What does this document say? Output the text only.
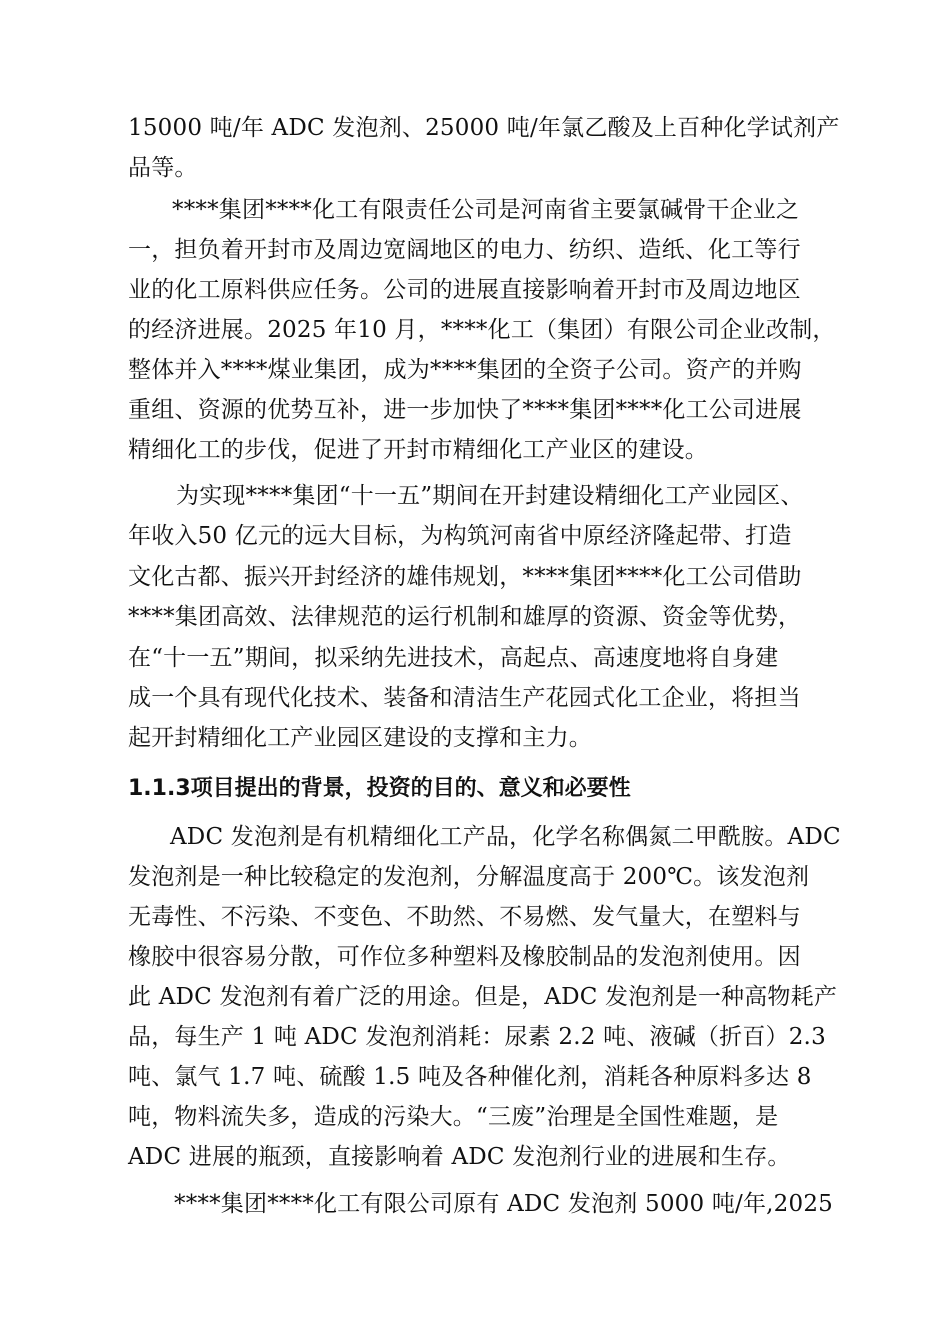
15000 吨/年 ADC 发泡剂、25000 吨/年氯乙酸及上百种化学试剂产
品等。
****集团****化工有限责任公司是河南省主要氯碱骨干企业之
一，担负着开封市及周边宽阔地区的电力、纺织、造纸、化工等行
业的化工原料供应任务。公司的进展直接影响着开封市及周边地区
的经济进展。2025 年10 月，****化工（集团）有限公司企业改制，
整体并入****煤业集团，成为****集团的全资子公司。资产的并购
重组、资源的优势互补，进一步加快了****集团****化工公司进展
精细化工的步伐，促进了开封市精细化工产业区的建设。
为实现****集团“十一五”期间在开封建设精细化工产业园区、
年收入50 亿元的远大目标，为构筑河南省中原经济隆起带、打造
文化古都、振兴开封经济的雄伟规划，****集团****化工公司借助
****集团高效、法律规范的运行机制和雄厚的资源、资金等优势，
在“十一五”期间，拟采纳先进技术，高起点、高速度地将自身建
成一个具有现代化技术、装备和清洁生产花园式化工企业，将担当
起开封精细化工产业园区建设的支撑和主力。
1.1.3项目提出的背景，投资的目的、意义和必要性
ADC 发泡剂是有机精细化工产品，化学名称偶氮二甲酰胺。ADC
发泡剂是一种比较稳定的发泡剂，分解温度高于 200℃。该发泡剂
无毒性、不污染、不变色、不助然、不易燃、发气量大，在塑料与
橡胶中很容易分散，可作位多种塑料及橡胶制品的发泡剂使用。因
此 ADC 发泡剂有着广泛的用途。但是，ADC 发泡剂是一种高物耗产
品，每生产 1 吨 ADC 发泡剂消耗：尿素 2.2 吨、液碱（折百）2.3
吨、氯气 1.7 吨、硫酸 1.5 吨及各种催化剂，消耗各种原料多达 8
吨，物料流失多，造成的污染大。“三废”治理是全国性难题，是
ADC 进展的瓶颈，直接影响着 ADC 发泡剂行业的进展和生存。
****集团****化工有限公司原有 ADC 发泡剂 5000 吨/年,2025
